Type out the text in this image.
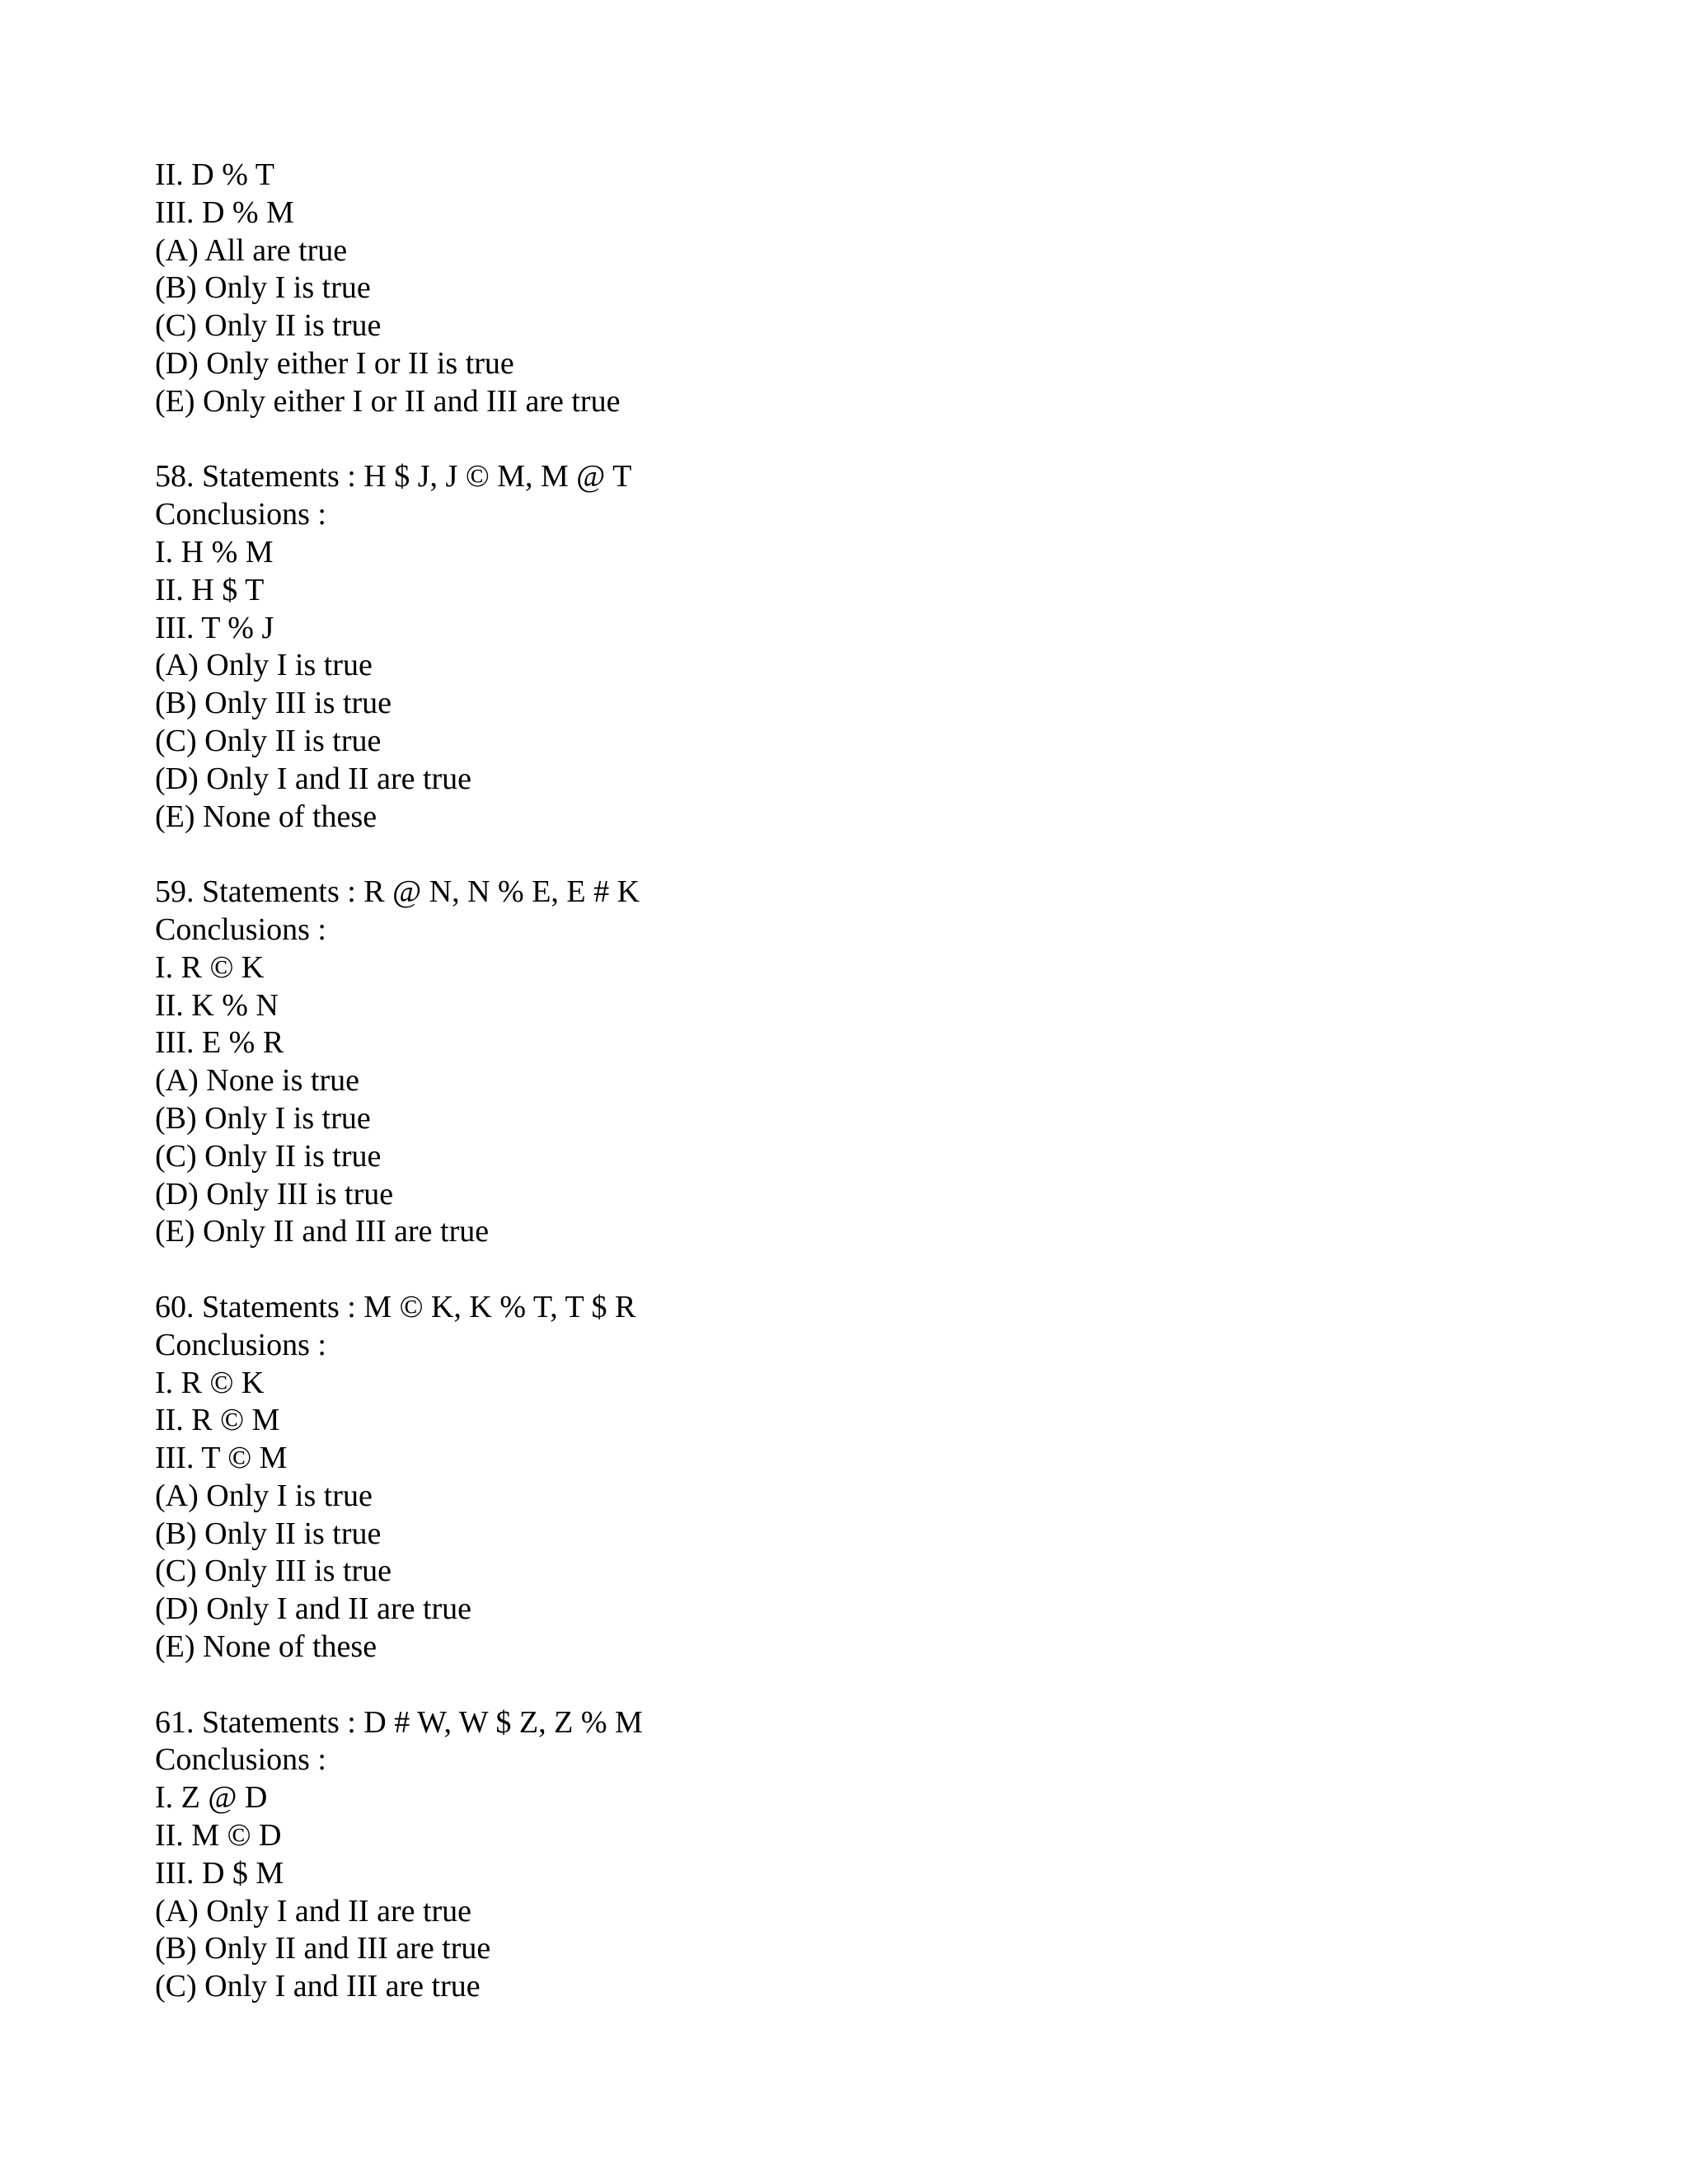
II. D % T
III. D % M
(A) All are true
(B) Only I is true
(C) Only II is true
(D) Only either I or II is true
(E) Only either I or II and III are true
58. Statements : H $ J, J © M, M @ T
Conclusions :
I. H % M
II. H $ T
III. T % J
(A) Only I is true
(B) Only III is true
(C) Only II is true
(D) Only I and II are true
(E) None of these
59. Statements : R @ N, N % E, E # K
Conclusions :
I. R © K
II. K % N
III. E % R
(A) None is true
(B) Only I is true
(C) Only II is true
(D) Only III is true
(E) Only II and III are true
60. Statements : M © K, K % T, T $ R
Conclusions :
I. R © K
II. R © M
III. T © M
(A) Only I is true
(B) Only II is true
(C) Only III is true
(D) Only I and II are true
(E) None of these
61. Statements : D # W, W $ Z, Z % M
Conclusions :
I. Z @ D
II. M © D
III. D $ M
(A) Only I and II are true
(B) Only II and III are true
(C) Only I and III are true
